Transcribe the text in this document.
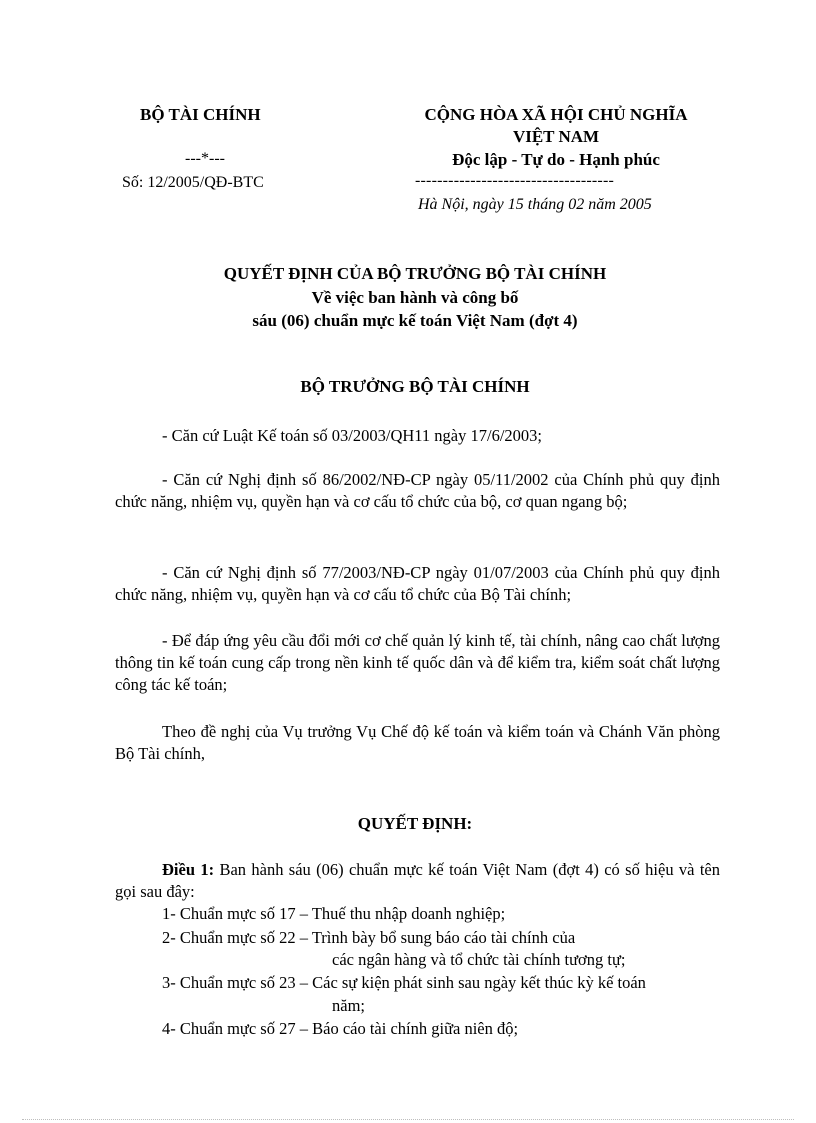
BỘ TÀI CHÍNH
---*---
Số: 12/2005/QĐ-BTC
CỘNG HÒA XÃ HỘI CHỦ NGHĨA
VIỆT NAM
Độc lập - Tự do - Hạnh phúc
------------------------------------
Hà Nội, ngày 15 tháng 02 năm 2005
QUYẾT ĐỊNH CỦA BỘ TRƯỞNG BỘ TÀI CHÍNH
Về việc ban hành và công bố
sáu (06) chuẩn mực kế toán Việt Nam (đợt 4)
BỘ TRƯỞNG BỘ TÀI CHÍNH
- Căn cứ Luật Kế toán số 03/2003/QH11 ngày 17/6/2003;
- Căn cứ Nghị định số 86/2002/NĐ-CP ngày 05/11/2002 của Chính phủ quy định chức năng, nhiệm vụ, quyền hạn và cơ cấu tổ chức của bộ, cơ quan ngang bộ;
- Căn cứ Nghị định số 77/2003/NĐ-CP ngày 01/07/2003 của Chính phủ quy định chức năng, nhiệm vụ, quyền hạn và cơ cấu tổ chức của Bộ Tài chính;
- Để đáp ứng yêu cầu đổi mới cơ chế quản lý kinh tế, tài chính, nâng cao chất lượng thông tin kế toán cung cấp trong nền kinh tế quốc dân và để kiểm tra, kiểm soát chất lượng công tác kế toán;
Theo đề nghị của Vụ trưởng Vụ Chế độ kế toán và kiểm toán và Chánh Văn phòng Bộ Tài chính,
QUYẾT ĐỊNH:
Điều 1: Ban hành sáu (06) chuẩn mực kế toán Việt Nam (đợt 4) có số hiệu và tên gọi sau đây:
1- Chuẩn mực số 17 – Thuế thu nhập doanh nghiệp;
2- Chuẩn mực số 22 – Trình bày bổ sung báo cáo tài chính của
các ngân hàng và tổ chức tài chính tương tự;
3- Chuẩn mực số 23 – Các sự kiện phát sinh sau ngày kết thúc kỳ kế toán
năm;
4- Chuẩn mực số 27 – Báo cáo tài chính giữa niên độ;
